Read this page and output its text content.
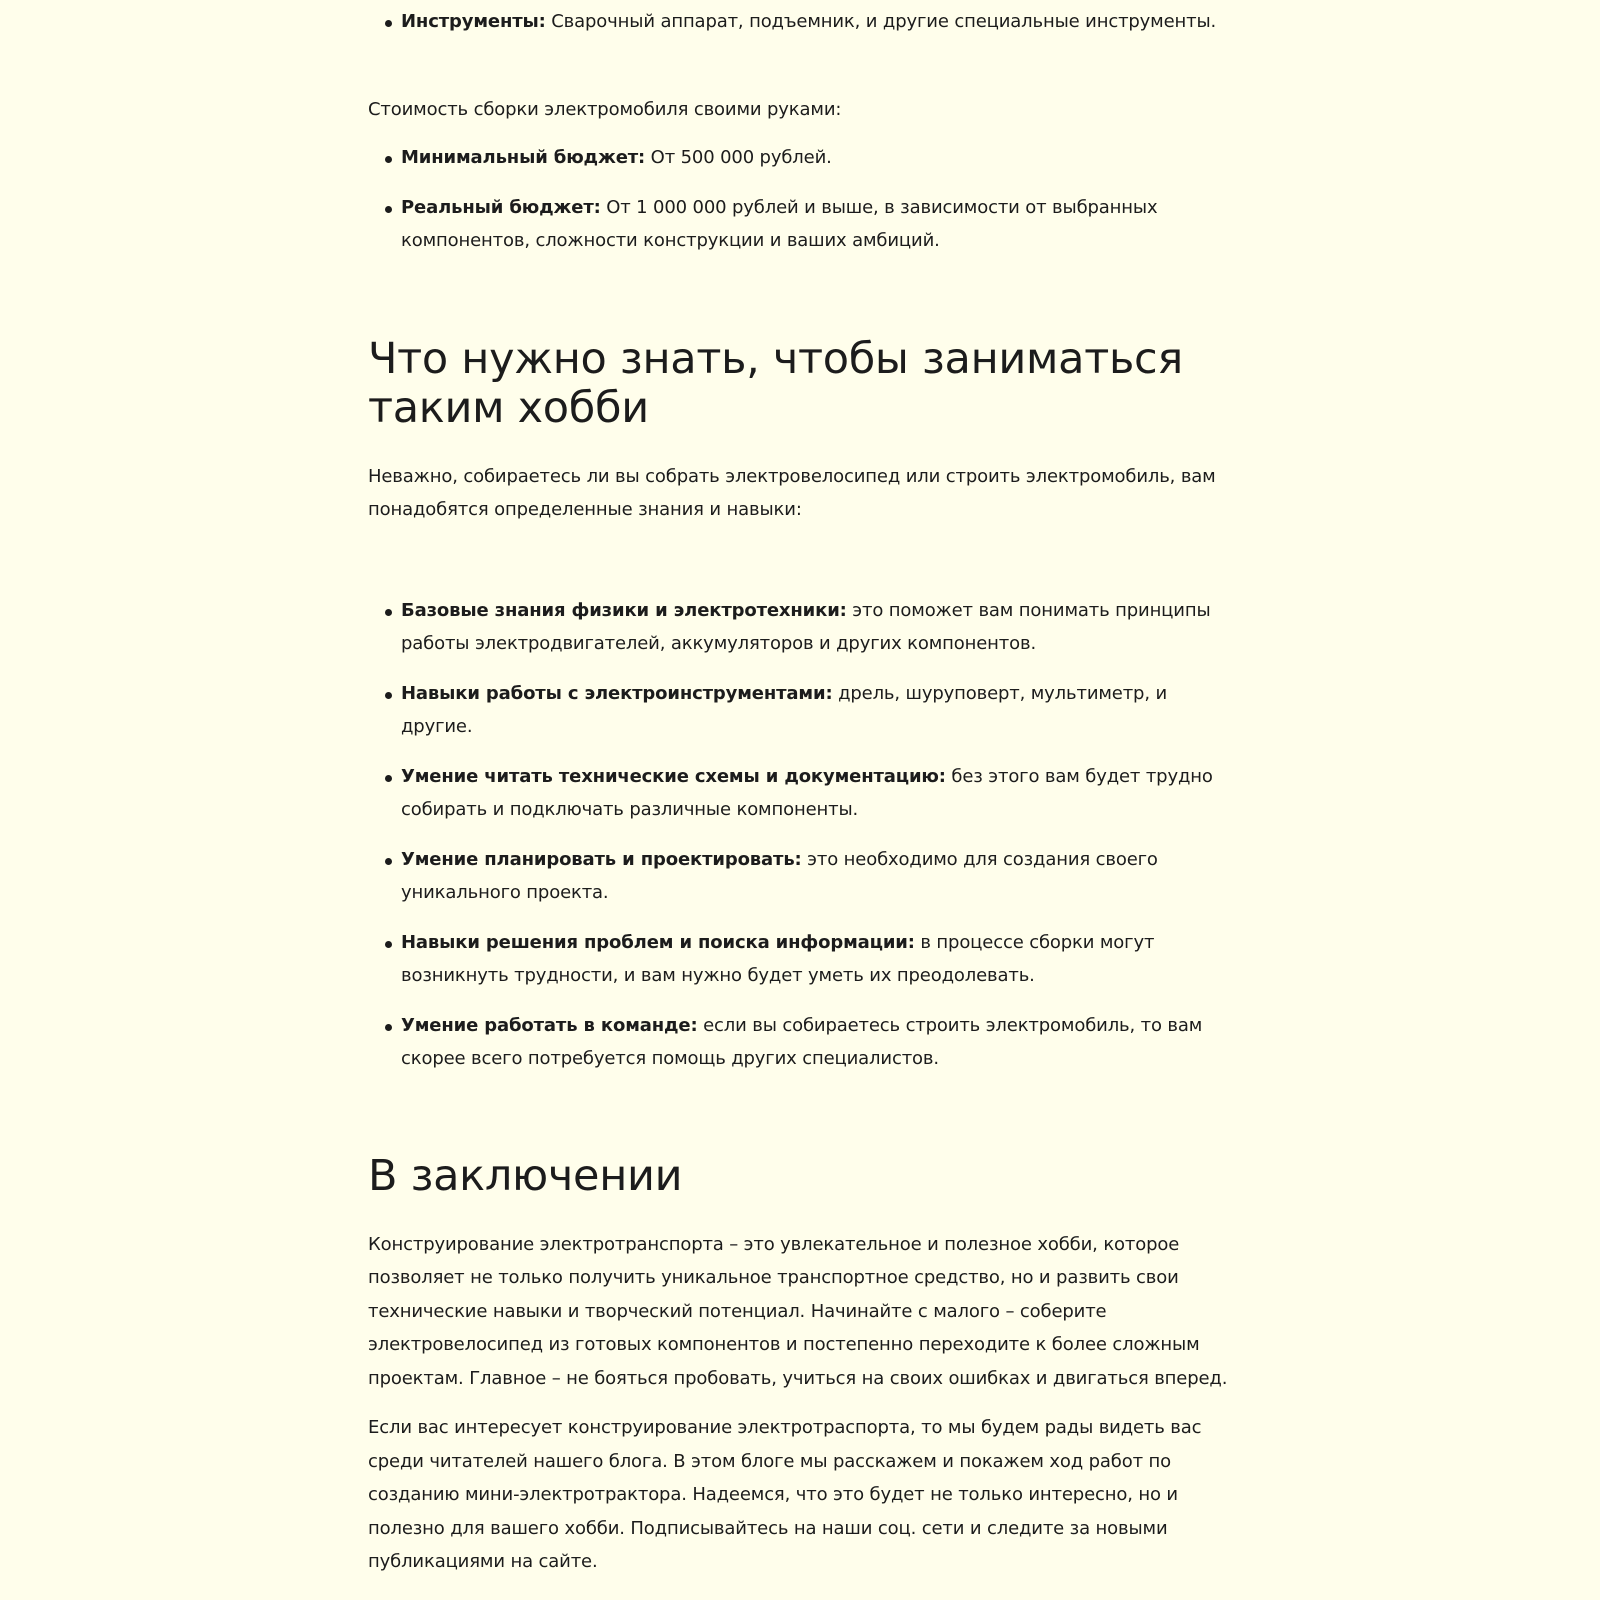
Инструменты: Сварочный аппарат, подъемник, и другие специальные инструменты.

Стоимость сборки электромобиля своими руками:

Минимальный бюджет: От 500 000 рублей.
Реальный бюджет: От 1 000 000 рублей и выше, в зависимости от выбранных компонентов, сложности конструкции и ваших амбиций.
Что нужно знать, чтобы заниматься таким хобби

Неважно, собираетесь ли вы собрать электровелосипед или строить электромобиль, вам понадобятся определенные знания и навыки:

Базовые знания физики и электротехники: это поможет вам понимать принципы работы электродвигателей, аккумуляторов и других компонентов.
Навыки работы с электроинструментами: дрель, шуруповерт, мультиметр, и другие.
Умение читать технические схемы и документацию: без этого вам будет трудно собирать и подключать различные компоненты.
Умение планировать и проектировать: это необходимо для создания своего уникального проекта.
Навыки решения проблем и поиска информации: в процессе сборки могут возникнуть трудности, и вам нужно будет уметь их преодолевать.
Умение работать в команде: если вы собираетесь строить электромобиль, то вам скорее всего потребуется помощь других специалистов.
В заключении

Конструирование электротранспорта – это увлекательное и полезное хобби, которое позволяет не только получить уникальное транспортное средство, но и развить свои технические навыки и творческий потенциал. Начинайте с малого – соберите электровелосипед из готовых компонентов и постепенно переходите к более сложным проектам. Главное – не бояться пробовать, учиться на своих ошибках и двигаться вперед.

Если вас интересует конструирование электротраспорта, то мы будем рады видеть вас среди читателей нашего блога. В этом блоге мы расскажем и покажем ход работ по созданию мини-электротрактора. Надеемся, что это будет не только интересно, но и полезно для вашего хобби. Подписывайтесь на наши соц. сети и следите за новыми публикациями на сайте.
